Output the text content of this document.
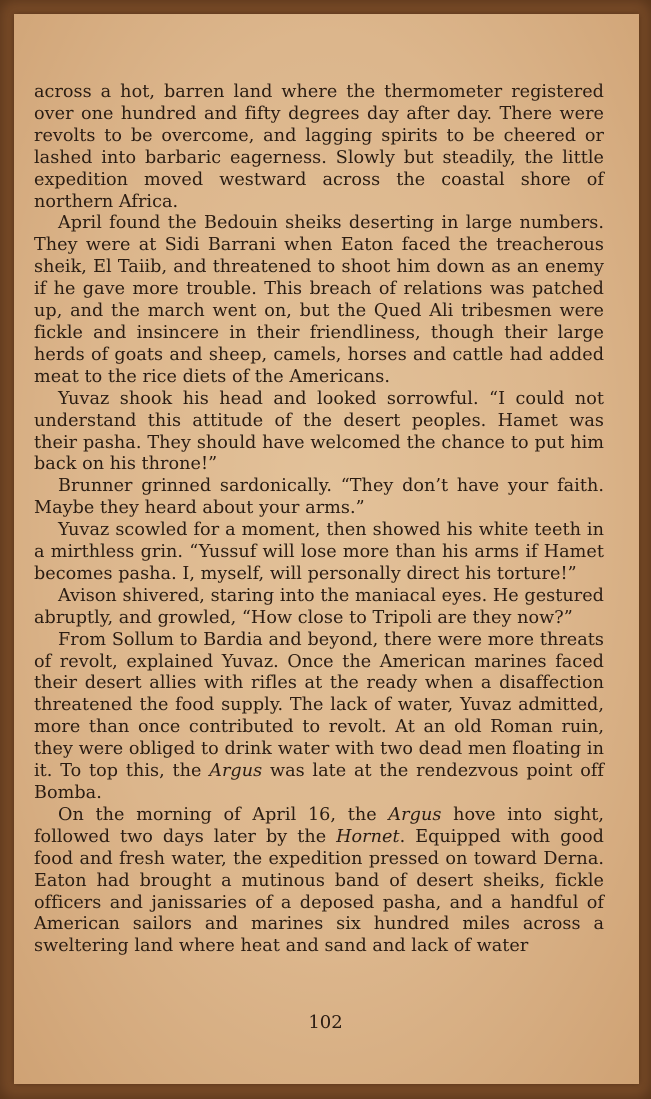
across a hot, barren land where the thermometer registered over one hundred and fifty degrees day after day. There were revolts to be overcome, and lagging spirits to be cheered or lashed into barbaric eagerness. Slowly but steadily, the little expedition moved westward across the coastal shore of northern Africa.

April found the Bedouin sheiks deserting in large numbers. They were at Sidi Barrani when Eaton faced the treacherous sheik, El Taiib, and threatened to shoot him down as an enemy if he gave more trouble. This breach of relations was patched up, and the march went on, but the Qued Ali tribesmen were fickle and insincere in their friendliness, though their large herds of goats and sheep, camels, horses and cattle had added meat to the rice diets of the Americans.

Yuvaz shook his head and looked sorrowful. “I could not understand this attitude of the desert peoples. Hamet was their pasha. They should have welcomed the chance to put him back on his throne!”

Brunner grinned sardonically. “They don’t have your faith. Maybe they heard about your arms.”

Yuvaz scowled for a moment, then showed his white teeth in a mirthless grin. “Yussuf will lose more than his arms if Hamet becomes pasha. I, myself, will personally direct his torture!”

Avison shivered, staring into the maniacal eyes. He gestured abruptly, and growled, “How close to Tripoli are they now?”

From Sollum to Bardia and beyond, there were more threats of revolt, explained Yuvaz. Once the American marines faced their desert allies with rifles at the ready when a disaffection threatened the food supply. The lack of water, Yuvaz admitted, more than once contributed to revolt. At an old Roman ruin, they were obliged to drink water with two dead men floating in it. To top this, the Argus was late at the rendezvous point off Bomba.

On the morning of April 16, the Argus hove into sight, followed two days later by the Hornet. Equipped with good food and fresh water, the expedition pressed on toward Derna. Eaton had brought a mutinous band of desert sheiks, fickle officers and janissaries of a deposed pasha, and a handful of American sailors and marines six hundred miles across a sweltering land where heat and sand and lack of water

102
